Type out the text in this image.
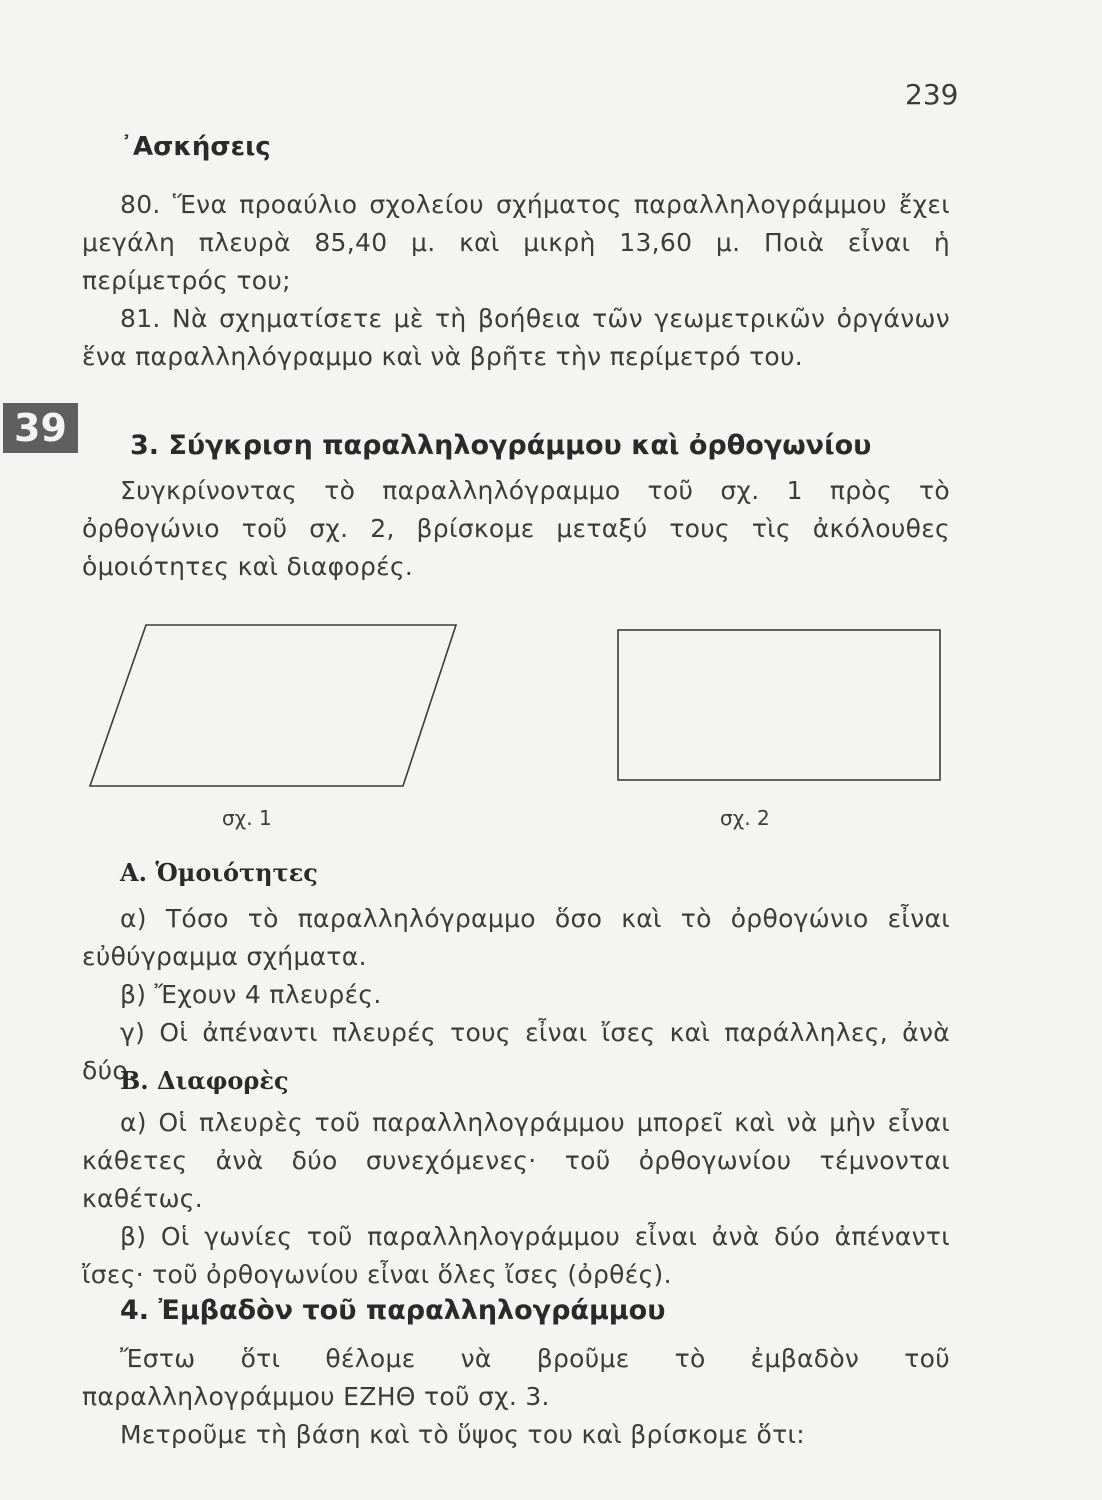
239
᾿Ασκήσεις

80. Ἕνα προαύλιο σχολείου σχήματος παραλληλογράμμου ἔχει μεγάλη πλευρὰ 85,40 μ. καὶ μικρὴ 13,60 μ. Ποιὰ εἶναι ἡ περίμετρός του;

81. Νὰ σχηματίσετε μὲ τὴ βοήθεια τῶν γεωμετρικῶν ὀργάνων ἕνα παραλληλόγραμμο καὶ νὰ βρῆτε τὴν περίμετρό του.

39	3. Σύγκριση παραλληλογράμμου καὶ ὀρθογωνίου

Συγκρίνοντας τὸ παραλληλόγραμμο τοῦ σχ. 1 πρὸς τὸ ὀρθογώνιο τοῦ σχ. 2, βρίσκομε μεταξύ τους τὶς ἀκόλουθες ὁμοιότητες καὶ διαφορές.

σχ. 1	σχ. 2
Α. Ὁμοιότητες

α) Τόσο τὸ παραλληλόγραμμο ὅσο καὶ τὸ ὀρθογώνιο εἶναι εὐθύγραμμα σχήματα.

β) Ἔχουν 4 πλευρές.

γ) Οἱ ἀπέναντι πλευρές τους εἶναι ἴσες καὶ παράλληλες, ἀνὰ δύο.

Β. Διαφορὲς

α) Οἱ πλευρὲς τοῦ παραλληλογράμμου μπορεῖ καὶ νὰ μὴν εἶναι κάθετες ἀνὰ δύο συνεχόμενες· τοῦ ὀρθογωνίου τέμνονται καθέτως.

β) Οἱ γωνίες τοῦ παραλληλογράμμου εἶναι ἀνὰ δύο ἀπέναντι ἴσες· τοῦ ὀρθογωνίου εἶναι ὅλες ἴσες (ὀρθές).

4. Ἐμβαδὸν τοῦ παραλληλογράμμου

Ἔστω ὅτι θέλομε νὰ βροῦμε τὸ ἐμβαδὸν τοῦ παραλληλογράμμου ΕΖΗΘ τοῦ σχ. 3.

Μετροῦμε τὴ βάση καὶ τὸ ὕψος του καὶ βρίσκομε ὅτι:
